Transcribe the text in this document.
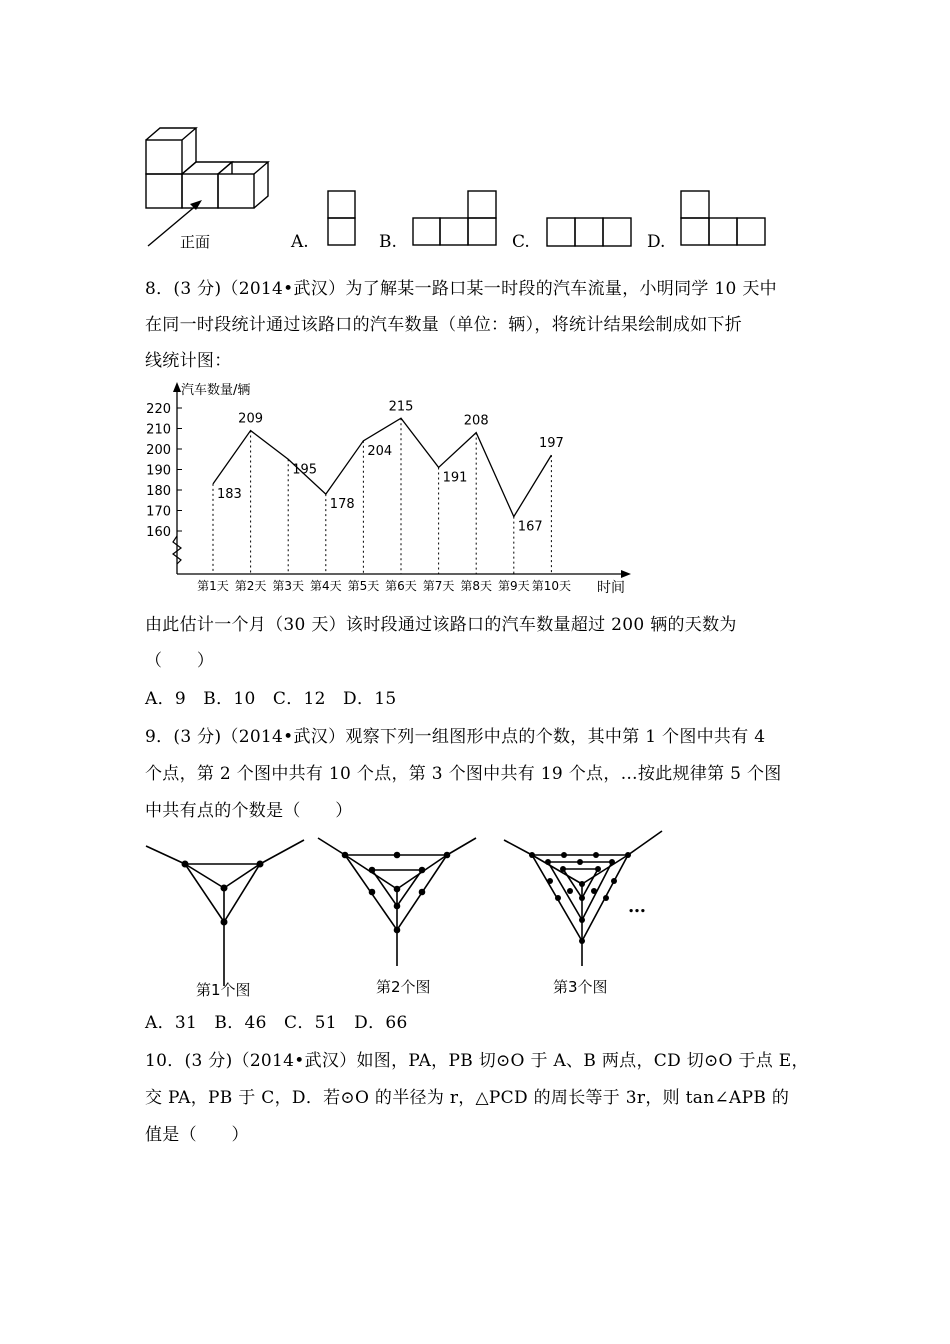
正面	A.	B.	C.	D.
8．(3 分)（2014•武汉）为了解某一路口某一时段的汽车流量，小明同学 10 天中
在同一时段统计通过该路口的汽车数量（单位：辆），将统计结果绘制成如下折
线统计图：
160
170
180
190
200
210
220
汽车数量/辆
时间
第1天 第2天 第3天 第4天 第5天 第6天 第7天 第8天 第9天 第10天
183
209
195
178
204
215
191
208
167
197
由此估计一个月（30 天）该时段通过该路口的汽车数量超过 200 辆的天数为
（　　）
A．9　B．10　C．12　D．15
9．(3 分)（2014•武汉）观察下列一组图形中点的个数，其中第 1 个图中共有 4
个点，第 2 个图中共有 10 个点，第 3 个图中共有 19 个点，…按此规律第 5 个图
中共有点的个数是（　　）
第1个图	第2个图	第3个图
…
A．31　B．46　C．51　D．66
10．(3 分)（2014•武汉）如图，PA，PB 切⊙O 于 A、B 两点，CD 切⊙O 于点 E，
交 PA，PB 于 C，D．若⊙O 的半径为 r，△PCD 的周长等于 3r，则 tan∠APB 的
值是（　　）
